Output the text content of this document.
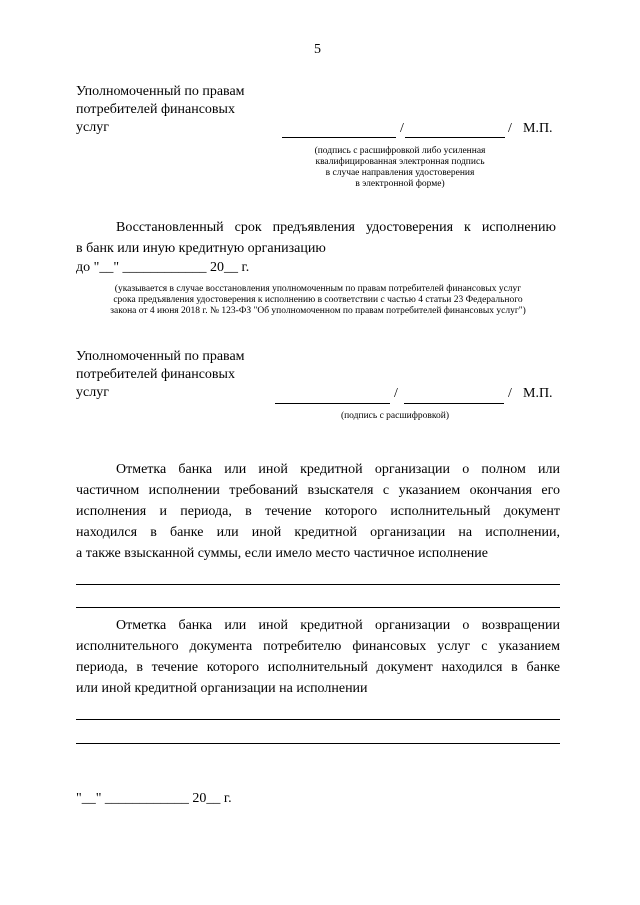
5
Уполномоченный по правам
потребителей финансовых
услуг	/	/ М.П.
(подпись с расшифровкой либо усиленная
квалифицированная электронная подпись
в случае направления удостоверения
в электронной форме)
Восстановленный срок предъявления удостоверения к исполнению
в банк или иную кредитную организацию
до "__" ____________ 20__ г.
(указывается в случае восстановления уполномоченным по правам потребителей финансовых услуг
срока предъявления удостоверения к исполнению в соответствии с частью 4 статьи 23 Федерального
закона от 4 июня 2018 г. № 123-ФЗ "Об уполномоченном по правам потребителей финансовых услуг")
Уполномоченный по правам
потребителей финансовых
услуг	/	/ М.П.
(подпись с расшифровкой)
Отметка банка или иной кредитной организации о полном или
частичном исполнении требований взыскателя с указанием окончания его
исполнения и периода, в течение которого исполнительный документ
находился в банке или иной кредитной организации на исполнении,
а также взысканной суммы, если имело место частичное исполнение
Отметка банка или иной кредитной организации о возвращении
исполнительного документа потребителю финансовых услуг с указанием
периода, в течение которого исполнительный документ находился в банке
или иной кредитной организации на исполнении
"__" ____________ 20__ г.
